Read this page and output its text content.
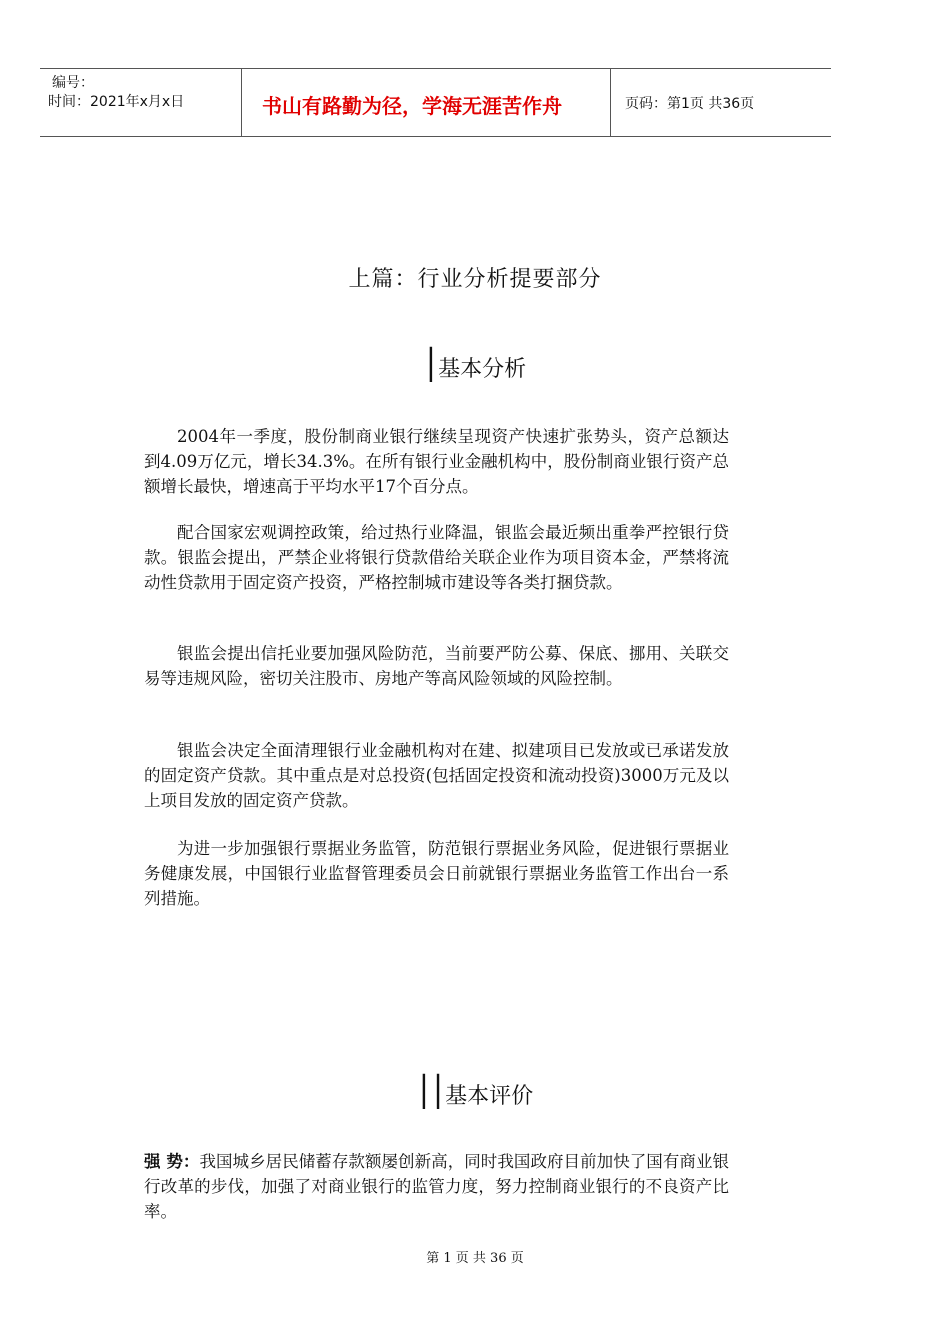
编号：
时间：2021年x月x日	书山有路勤为径，学海无涯苦作舟	页码：第1页 共36页
上篇：行业分析提要部分
I基本分析

2004年一季度，股份制商业银行继续呈现资产快速扩张势头，资产总额达到4.09万亿元，增长34.3%。在所有银行业金融机构中，股份制商业银行资产总额增长最快，增速高于平均水平17个百分点。

配合国家宏观调控政策，给过热行业降温，银监会最近频出重拳严控银行贷款。银监会提出，严禁企业将银行贷款借给关联企业作为项目资本金，严禁将流动性贷款用于固定资产投资，严格控制城市建设等各类打捆贷款。

银监会提出信托业要加强风险防范，当前要严防公募、保底、挪用、关联交易等违规风险，密切关注股市、房地产等高风险领域的风险控制。

银监会决定全面清理银行业金融机构对在建、拟建项目已发放或已承诺发放的固定资产贷款。其中重点是对总投资(包括固定投资和流动投资)3000万元及以上项目发放的固定资产贷款。

为进一步加强银行票据业务监管，防范银行票据业务风险，促进银行票据业务健康发展，中国银行业监督管理委员会日前就银行票据业务监管工作出台一系列措施。

II基本评价

强 势：我国城乡居民储蓄存款额屡创新高，同时我国政府目前加快了国有商业银行改革的步伐，加强了对商业银行的监管力度，努力控制商业银行的不良资产比率。

第 1 页 共 36 页
